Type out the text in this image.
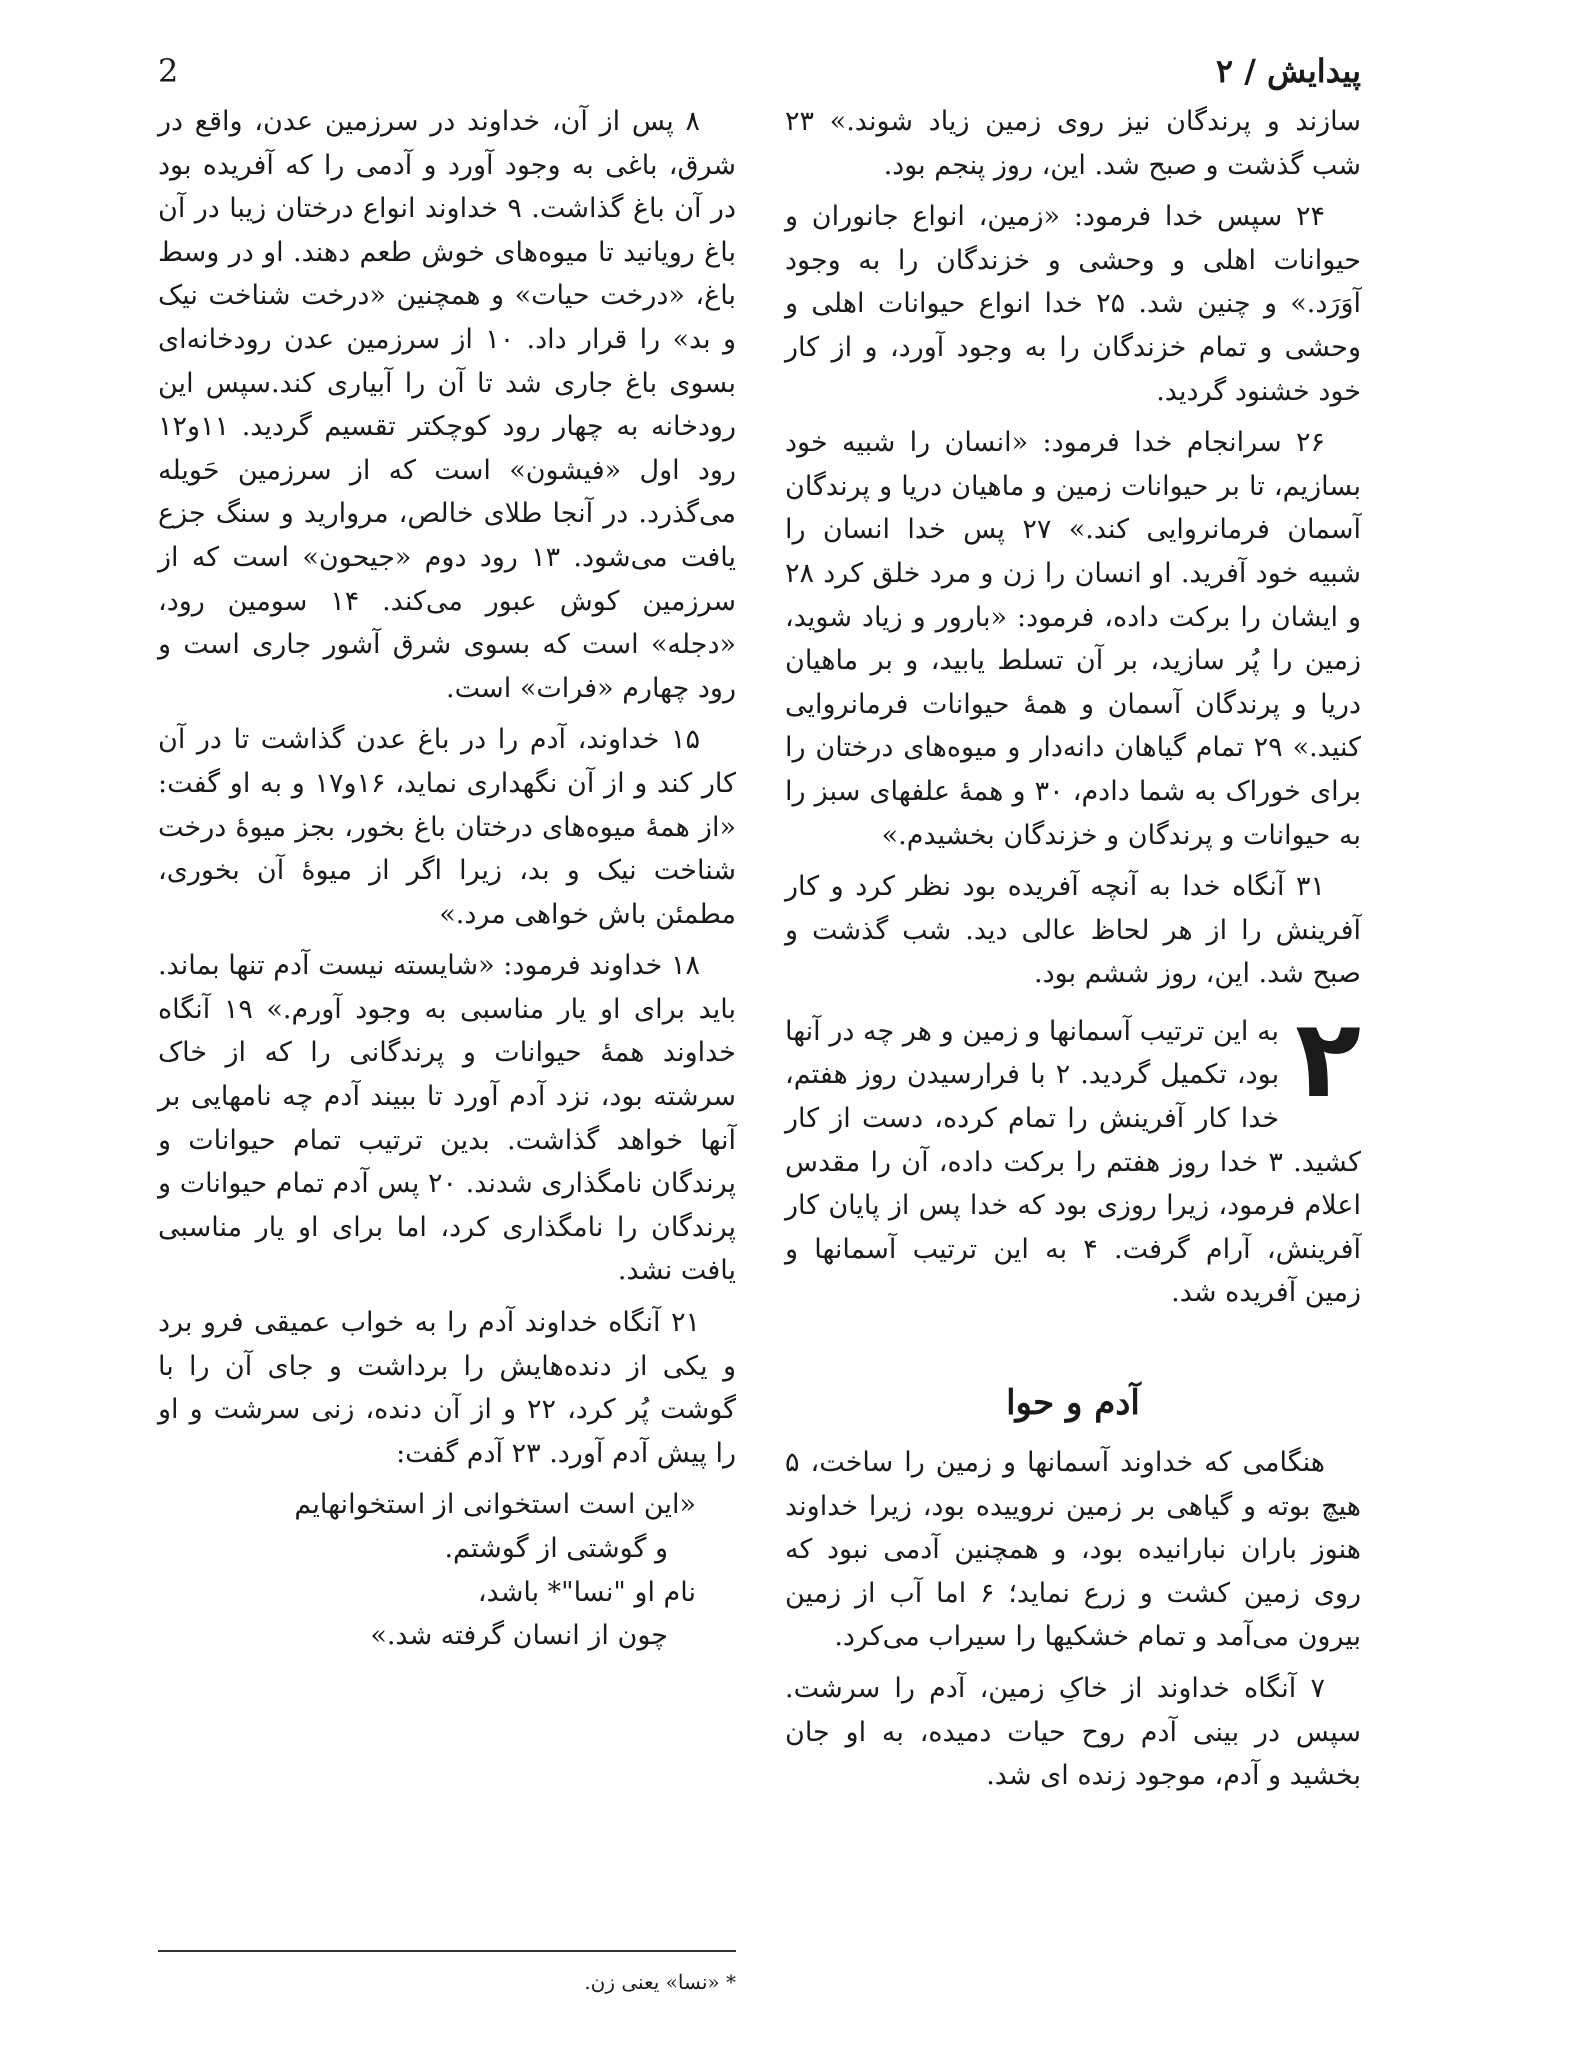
پیدایش / ۲
2

سازند و پرندگان نیز روی زمین زیاد شوند.» ۲۳ شب گذشت و صبح شد. این، روز پنجم بود.

۲۴ سپس خدا فرمود: «زمین، انواع جانوران و حیوانات اهلی و وحشی و خزندگان را به وجود آوَرَد.» و چنین شد. ۲۵ خدا انواع حیوانات اهلی و وحشی و تمام خزندگان را به وجود آورد، و از کار خود خشنود گردید.

۲۶ سرانجام خدا فرمود: «انسان را شبیه خود بسازیم، تا بر حیوانات زمین و ماهیان دریا و پرندگان آسمان فرمانروایی کند.» ۲۷ پس خدا انسان را شبیه خود آفرید. او انسان را زن و مرد خلق کرد ۲۸ و ایشان را برکت داده، فرمود: «بارور و زیاد شوید، زمین را پُر سازید، بر آن تسلط یابید، و بر ماهیان دریا و پرندگان آسمان و همهٔ حیوانات فرمانروایی کنید.» ۲۹ تمام گیاهان دانه‌دار و میوه‌های درختان را برای خوراک به شما دادم، ۳۰ و همهٔ علفهای سبز را به حیوانات و پرندگان و خزندگان بخشیدم.»

۳۱ آنگاه خدا به آنچه آفریده بود نظر کرد و کار آفرینش را از هر لحاظ عالی دید. شب گذشت و صبح شد. این، روز ششم بود.

۲
به این ترتیب آسمانها و زمین و هر چه در آنها بود، تکمیل گردید. ۲ با فرارسیدن روز هفتم، خدا کار آفرینش را تمام کرده، دست از کار کشید. ۳ خدا روز هفتم را برکت داده، آن را مقدس اعلام فرمود، زیرا روزی بود که خدا پس از پایان کار آفرینش، آرام گرفت. ۴ به این ترتیب آسمانها و زمین آفریده شد.
آدم و حوا

هنگامی که خداوند آسمانها و زمین را ساخت، ۵ هیچ بوته و گیاهی بر زمین نروییده بود، زیرا خداوند هنوز باران نبارانیده بود، و همچنین آدمی نبود که روی زمین کشت و زرع نماید؛ ۶ اما آب از زمین بیرون می‌آمد و تمام خشکیها را سیراب می‌کرد.

۷ آنگاه خداوند از خاکِ زمین، آدم را سرشت. سپس در بینی آدم روح حیات دمیده، به او جان بخشید و آدم، موجود زنده ای شد.

۸ پس از آن، خداوند در سرزمین عدن، واقع در شرق، باغی به وجود آورد و آدمی را که آفریده بود در آن باغ گذاشت. ۹ خداوند انواع درختان زیبا در آن باغ رویانید تا میوه‌های خوش طعم دهند. او در وسط باغ، «درخت حیات» و همچنین «درخت شناخت نیک و بد» را قرار داد. ۱۰ از سرزمین عدن رودخانه‌ای بسوی باغ جاری شد تا آن را آبیاری کند.سپس این رودخانه به چهار رود کوچکتر تقسیم گردید. ۱۱و۱۲ رود اول «فیشون» است که از سرزمین حَویله می‌گذرد. در آنجا طلای خالص، مروارید و سنگ جزع یافت می‌شود. ۱۳ رود دوم «جیحون» است که از سرزمین کوش عبور می‌کند. ۱۴ سومین رود، «دجله» است که بسوی شرق آشور جاری است و رود چهارم «فرات» است.

۱۵ خداوند، آدم را در باغ عدن گذاشت تا در آن کار کند و از آن نگهداری نماید، ۱۶و۱۷ و به او گفت: «از همهٔ میوه‌های درختان باغ بخور، بجز میوهٔ درخت شناخت نیک و بد، زیرا اگر از میوهٔ آن بخوری، مطمئن باش خواهی مرد.»

۱۸ خداوند فرمود: «شایسته نیست آدم تنها بماند. باید برای او یار مناسبی به وجود آورم.» ۱۹ آنگاه خداوند همهٔ حیوانات و پرندگانی را که از خاک سرشته بود، نزد آدم آورد تا ببیند آدم چه نامهایی بر آنها خواهد گذاشت. بدین ترتیب تمام حیوانات و پرندگان نامگذاری شدند. ۲۰ پس آدم تمام حیوانات و پرندگان را نامگذاری کرد، اما برای او یار مناسبی یافت نشد.

۲۱ آنگاه خداوند آدم را به خواب عمیقی فرو برد و یکی از دنده‌هایش را برداشت و جای آن را با گوشت پُر کرد، ۲۲ و از آن دنده، زنی سرشت و او را پیش آدم آورد. ۲۳ آدم گفت:

«این است استخوانی از استخوانهایم
و گوشتی از گوشتم.
نام او "نسا"* باشد،
چون از انسان گرفته شد.»
* «نسا» یعنی زن.
